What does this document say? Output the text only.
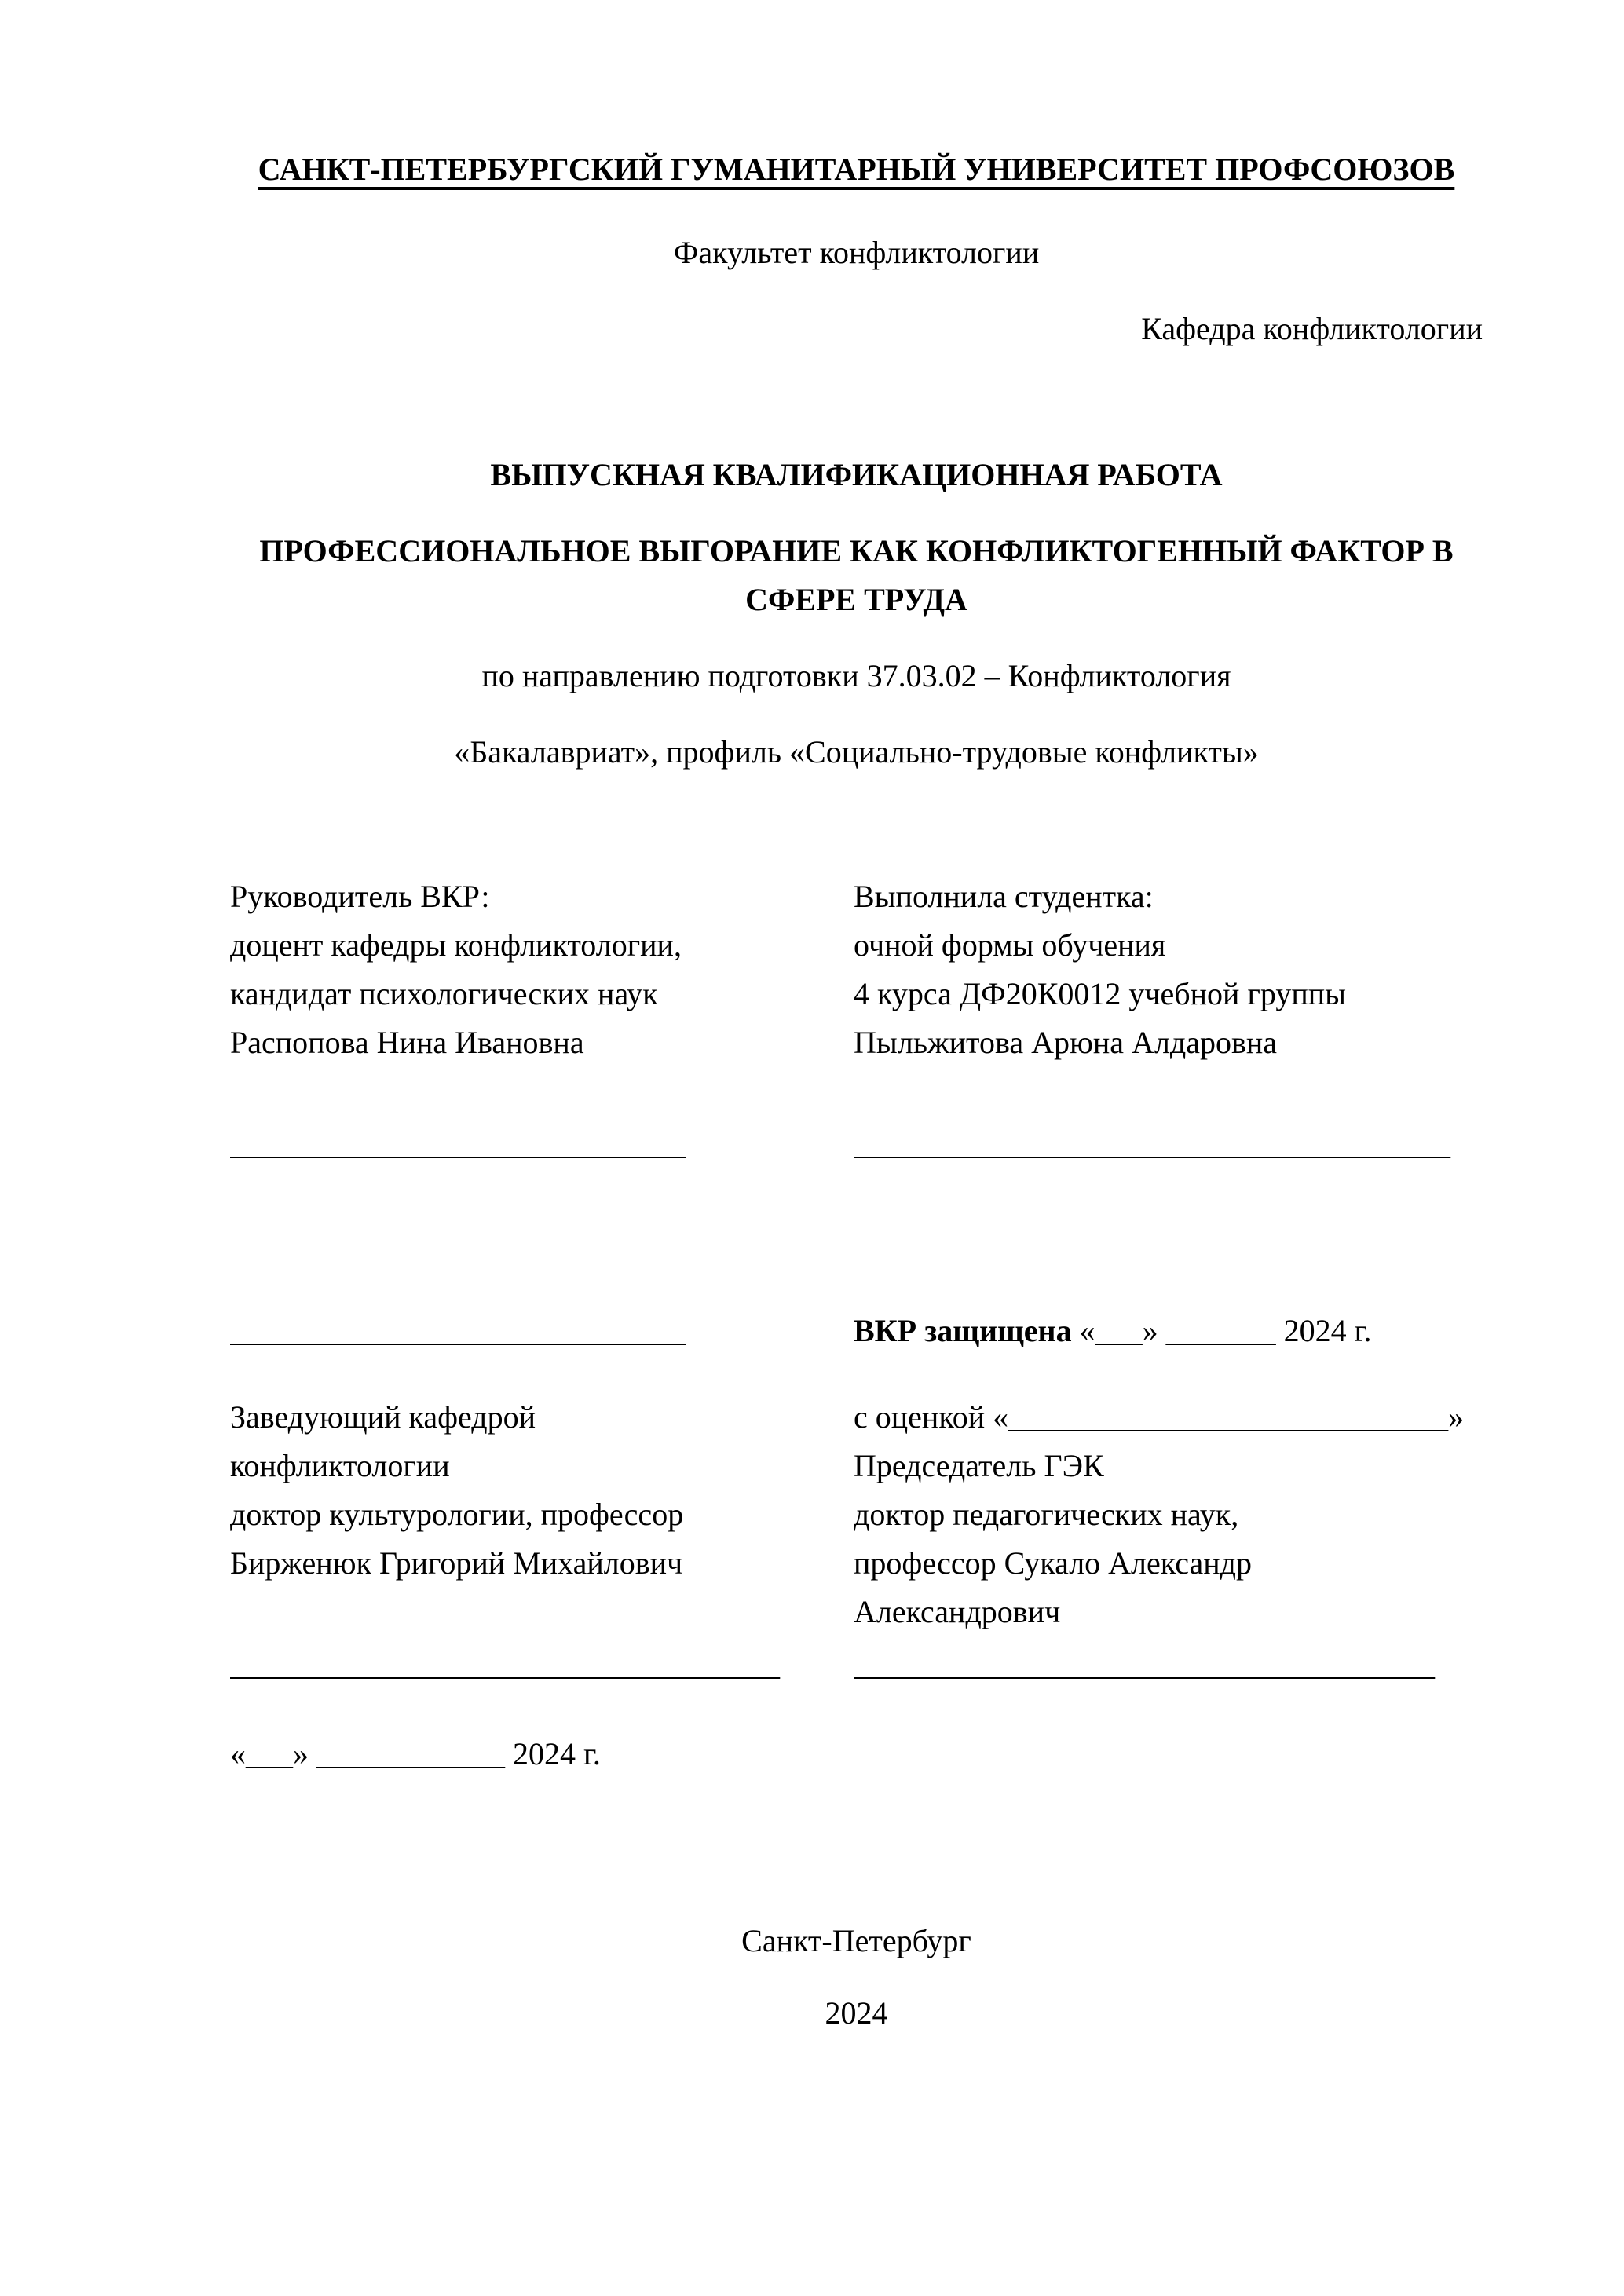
САНКТ-ПЕТЕРБУРГСКИЙ ГУМАНИТАРНЫЙ УНИВЕРСИТЕТ ПРОФСОЮЗОВ
Факультет конфликтологии
Кафедра конфликтологии
ВЫПУСКНАЯ КВАЛИФИКАЦИОННАЯ РАБОТА
ПРОФЕССИОНАЛЬНОЕ ВЫГОРАНИЕ КАК КОНФЛИКТОГЕННЫЙ ФАКТОР В СФЕРЕ ТРУДА
по направлению подготовки 37.03.02 – Конфликтология
«Бакалавриат», профиль «Социально-трудовые конфликты»
Руководитель ВКР:
доцент кафедры конфликтологии,
кандидат психологических наук
Распопова Нина Ивановна
Выполнила студентка:
очной формы обучения
4 курса ДФ20К0012 учебной группы
Пыльжитова Арюна Алдаровна
_____________________________	______________________________________
_____________________________	ВКР защищена «___» _______ 2024 г.
Заведующий кафедрой
конфликтологии
доктор культурологии, профессор
Бирженюк Григорий Михайлович
с оценкой «____________________________»
Председатель ГЭК
доктор педагогических наук,
профессор Сукало Александр
Александрович
___________________________________	_____________________________________
«___» ____________ 2024 г.
Санкт-Петербург
2024
